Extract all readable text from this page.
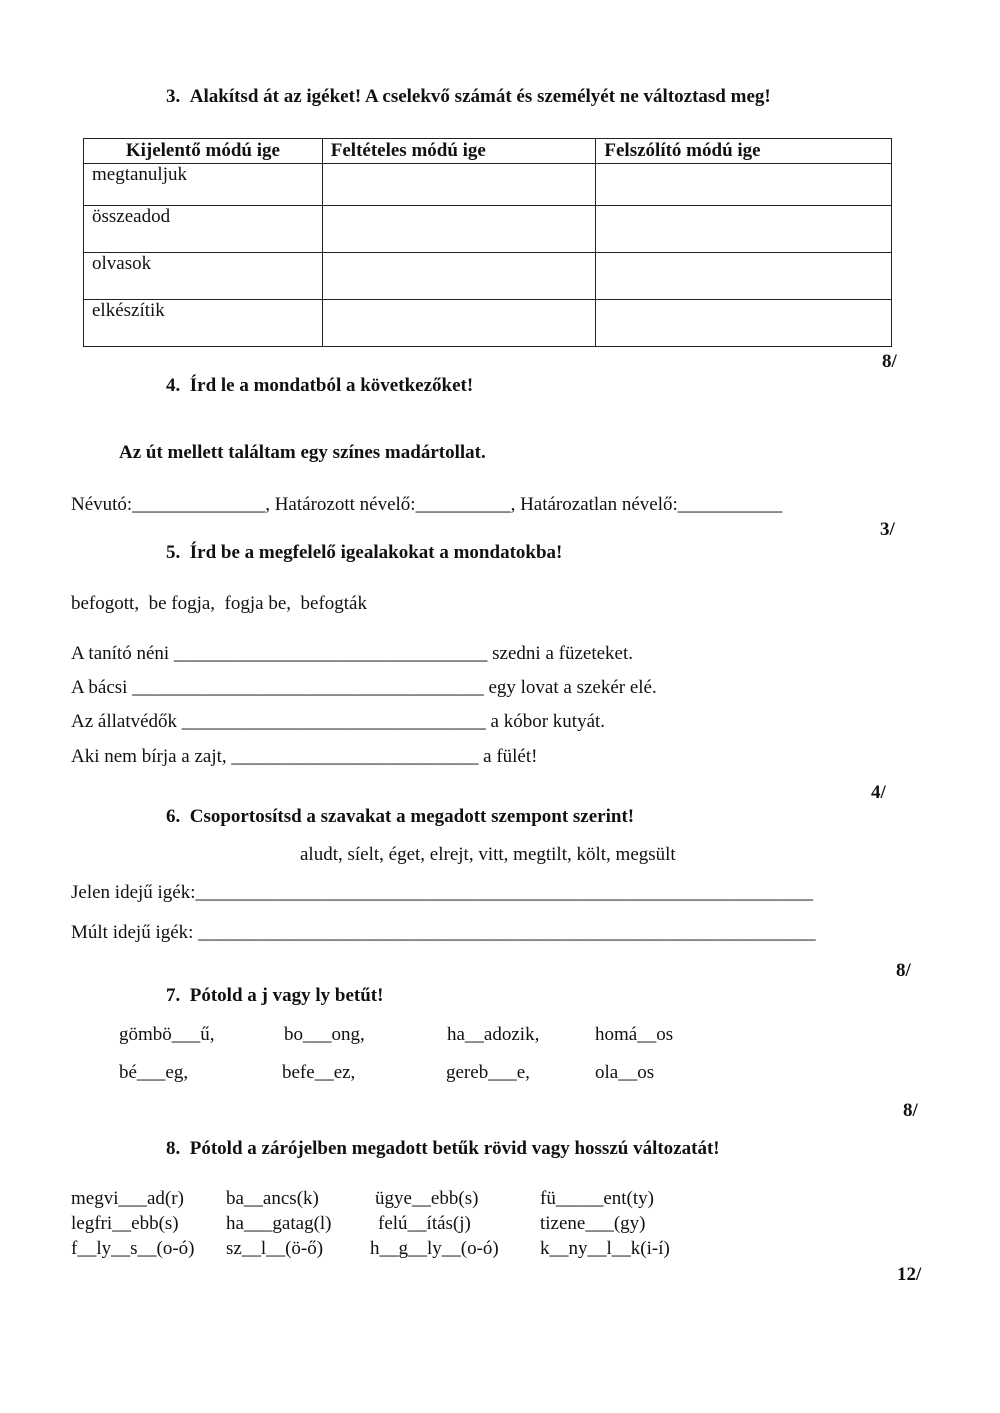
3.  Alakítsd át az igéket! A cselekvő számát és személyét ne változtasd meg!
Kijelentő módú ige	Feltételes módú ige	Felszólító módú ige
megtanuljuk		
összeadod		
olvasok		
elkészítik		
8/
4.  Írd le a mondatból a következőket!
Az út mellett találtam egy színes madártollat.
Névutó:______________, Határozott névelő:__________, Határozatlan névelő:___________
3/
5.  Írd be a megfelelő igealakokat a mondatokba!
befogott,  be fogja,  fogja be,  befogták
A tanító néni _________________________________ szedni a füzeteket.
A bácsi _____________________________________ egy lovat a szekér elé.
Az állatvédők ________________________________ a kóbor kutyát.
Aki nem bírja a zajt, __________________________ a fülét!
4/
6.  Csoportosítsd a szavakat a megadott szempont szerint!
aludt, síelt, éget, elrejt, vitt, megtilt, költ, megsült
Jelen idejű igék:_________________________________________________________________
Múlt idejű igék: _________________________________________________________________
8/
7.  Pótold a j vagy ly betűt!
gömbö___ű,	bo___ong,	ha__adozik,	homá__os
bé___eg,	befe__ez,	gereb___e,	ola__os
8/
8.  Pótold a zárójelben megadott betűk rövid vagy hosszú változatát!
megvi___ad(r) ba__ancs(k)	ügye__ebb(s)	fü_____ent(ty)
legfri__ebb(s) ha___gatag(l) felú__ítás(j)	tizene___(gy)
f__ly__s__(o-ó) sz__l__(ö-ő) h__g__ly__(o-ó) k__ny__l__k(i-í)
12/
